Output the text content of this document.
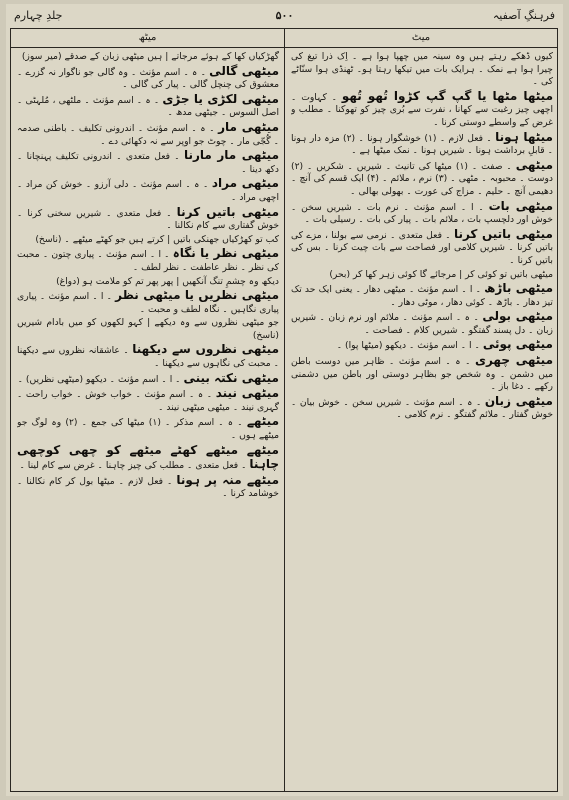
فرہنگِ آصفیہ
۵۰۰
جلدِ چہارم
میٹھ	میٹ
کیوں ڈھکے رہتے ہیں وہ سینہ میں چھپا ہوا ہے ۔ اِک ذرا تیغ کی چیرا ہوا ہے نمک ۔ ہرایک بات میں تیکھا رہتا ہو۔ ٹھنڈی ہوا سنّاٹے کی ۔
میٹھا مٹھا یا گپ گپ کڑوا تُھو تُھو ۔ کہاوت ۔ اچھی چیز رغبت سے کھانا ، نفرت سے بُری چیز کو تھوکنا ۔ مطلب و غرض کے واسطے دوستی کرنا ۔
میٹھا ہونا ۔ فعل لازم ۔ (۱) خوشگوار ہونا ۔ (۲) مزہ دار ہونا ۔ قابلِ برداشت ہونا ۔ شیریں ہونا ۔ نمک میٹھا ہے ۔
میٹھی ۔ صفت ۔ (۱) میٹھا کی تانیث ۔ شیریں ۔ شکریں ۔ (۲) دوست ۔ محبوبہ ۔ مٹھی ۔ (۳) نرم ، ملائم ۔ (۴) ایک قسم کی آنچ ۔ دھیمی آنچ ۔ حلیم ۔ مزاج کی عورت ۔ بھولی بھالی ۔
میٹھی بات ۔ ا ۔ اسم مؤنث ۔ نرم بات ۔ شیریں سخن ۔ خوش اور دلچسپ بات ، ملائم بات ۔ پیار کی بات ۔ رسیلی بات ۔
میٹھی باتیں کرنا ۔ فعل متعدی ۔ نرمی سے بولنا ، مزے کی باتیں کرنا ۔ شیریں کلامی اور فصاحت سے بات چیت کرنا ۔ بس کی باتیں کرنا ۔
میٹھی باتیں تو کوئی کر | مرجائے گا کوئی زہر کھا کر (بحر)
میٹھی باڑھ ۔ ا ۔ اسم مؤنث ۔ میٹھی دھار ۔ یعنی ایک حد تک تیز دھار ۔ باڑھ ۔ کوئی دھار ، موٹی دھار ۔
میٹھی بولی ۔ ہ ۔ اسم مؤنث ۔ ملائم اور نرم زبان ۔ شیریں زبان ۔ دل پسند گفتگو ۔ شیریں کلام ۔ فصاحت ۔
میٹھی پوئی ۔ ا ۔ اسم مؤنث ۔ دیکھو (میٹھا پوا) ۔
میٹھی چھری ۔ ہ ۔ اسم مؤنث ۔ ظاہر میں دوست باطن میں دشمن ۔ وہ شخص جو بظاہر دوستی اور باطن میں دشمنی رکھے ۔ دغا باز ۔
میٹھی زبان ۔ ہ ۔ اسم مؤنث ۔ شیریں سخن ۔ خوش بیان ۔ خوش گفتار ۔ ملائم گفتگو ۔ نرم کلامی ۔
گھڑکیاں کھا کے ہوئے مرجاتے | ہیں میٹھی زبان کے صدقے (میر سوز)
میٹھی گالی ۔ ہ ۔ اسم مؤنث ۔ وہ گالی جو ناگوار نہ گزرے ۔ معشوق کی چنچل گالی ۔ پیار کی گالی ۔
میٹھی لکڑی یا جڑی ۔ ہ ۔ اسم مؤنث ۔ ملٹھی ، مُلہٹی ۔ اصل السوس ۔ جیٹھی مدھ ۔
میٹھی مار ۔ ہ ۔ اسم مؤنث ۔ اندرونی تکلیف ۔ باطنی صدمہ ۔ گُجّی مار ۔ چوٹ جو اوپر سے نہ دکھائی دے ۔
میٹھی مار مارنا ۔ فعل متعدی ۔ اندرونی تکلیف پہنچانا ۔ دکھ دینا ۔
میٹھی مراد ۔ ہ ۔ اسم مؤنث ۔ دلی آرزو ۔ خوش کن مراد ۔ اچھی مراد ۔
میٹھی باتیں کرنا ۔ فعل متعدی ۔ شیریں سخنی کرنا ۔ خوش گفتاری سے کام نکالنا ۔
کب تو کھڑکیاں جھنکی باتیں | کرتے ہیں جو کھٹے میٹھے ۔ (ناسخ)
میٹھی نظر یا نگاہ ۔ ا ۔ اسم مؤنث ۔ پیاری چتون ۔ محبت کی نظر ۔ نظر عاطفت ۔ نظر لطف ۔
دیکھ وہ چشمِ تنگ آنکھیں | پھر پھر تم کو ملامت ہو (دواغ)
میٹھی نظریں یا میٹھی نظر ۔ ا ۔ اسم مؤنث ۔ پیاری پیاری نگاہیں ۔ نگاہ لطف و محبت ۔
جو میٹھی نظروں سے وہ دیکھے | کہو لکھوں کو میں بادام شیریں (ناسخ)
میٹھی نظروں سے دیکھنا ۔ عاشقانہ نظروں سے دیکھنا ۔ محبت کی نگاہوں سے دیکھنا ۔
میٹھی نکتہ بینی ۔ ا ۔ اسم مؤنث ۔ دیکھو (میٹھی نظریں) ۔
میٹھی نیند ۔ ہ ۔ اسم مؤنث ۔ خواب خوش ۔ خواب راحت ۔ گہری نیند ۔ میٹھی میٹھی نیند ۔
میٹھے ۔ ہ ۔ اسم مذکر ۔ (۱) میٹھا کی جمع ۔ (۲) وہ لوگ جو میٹھے ہوں ۔
میٹھے میٹھے کھٹے میٹھے کو چھی کوچھی چاہنا ۔ فعل متعدی ۔ مطلب کی چیز چاہنا ۔ غرض سے کام لینا ۔
میٹھے منہ پر ہونا ۔ فعل لازم ۔ میٹھا بول کر کام نکالنا ۔ خوشامد کرنا ۔
